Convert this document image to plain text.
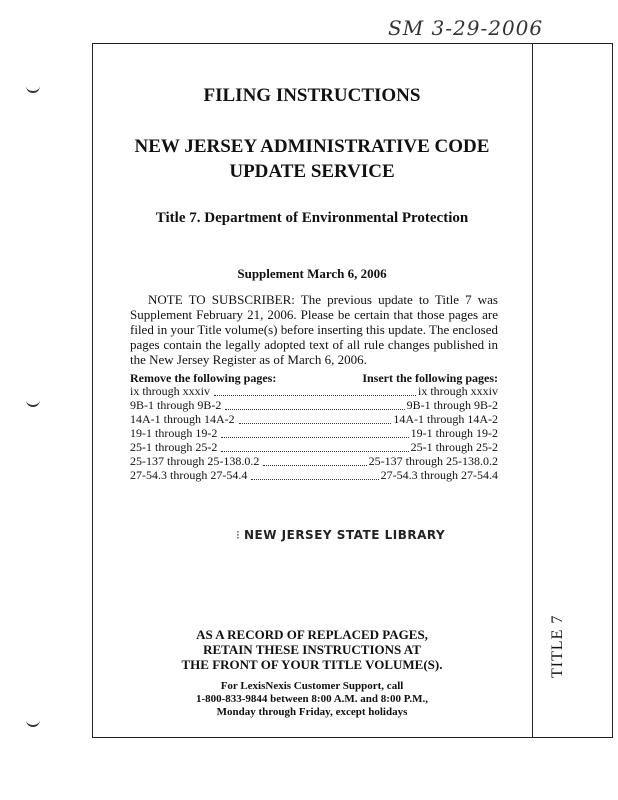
SM 3-29-2006
TITLE 7
FILING INSTRUCTIONS
NEW JERSEY ADMINISTRATIVE CODE
UPDATE SERVICE
Title 7. Department of Environmental Protection
Supplement March 6, 2006
NOTE TO SUBSCRIBER: The previous update to Title 7 was Supplement February 21, 2006. Please be certain that those pages are filed in your Title volume(s) before inserting this update. The enclosed pages contain the legally adopted text of all rule changes published in the New Jersey Register as of March 6, 2006.
Remove the following pages:	Insert the following pages:
ix through xxxiv	ix through xxxiv
9B-1 through 9B-2	9B-1 through 9B-2
14A-1 through 14A-2	14A-1 through 14A-2
19-1 through 19-2	19-1 through 19-2
25-1 through 25-2	25-1 through 25-2
25-137 through 25-138.0.2	25-137 through 25-138.0.2
27-54.3 through 27-54.4	27-54.3 through 27-54.4
⁝ NEW JERSEY STATE LIBRARY
AS A RECORD OF REPLACED PAGES,
RETAIN THESE INSTRUCTIONS AT
THE FRONT OF YOUR TITLE VOLUME(S).
For LexisNexis Customer Support, call
1-800-833-9844 between 8:00 A.M. and 8:00 P.M.,
Monday through Friday, except holidays
